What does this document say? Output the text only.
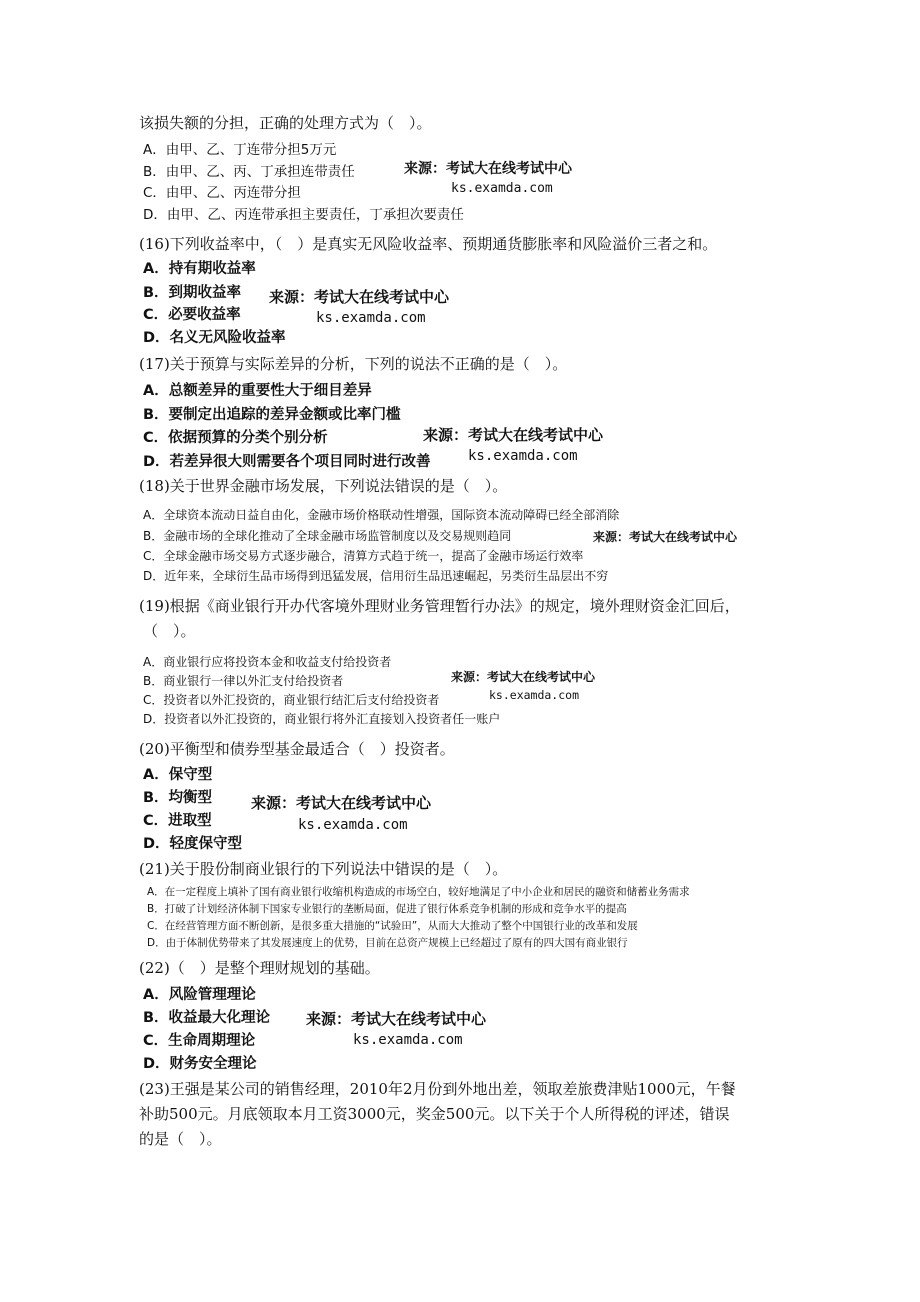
该损失额的分担，正确的处理方式为（　）。
A．由甲、乙、丁连带分担5万元
B．由甲、乙、丙、丁承担连带责任
C．由甲、乙、丙连带分担
D．由甲、乙、丙连带承担主要责任，丁承担次要责任
来源：考试大在线考试中心
ks.examda.com
(16)下列收益率中，（　）是真实无风险收益率、预期通货膨胀率和风险溢价三者之和。
A．持有期收益率
B．到期收益率
C．必要收益率
D．名义无风险收益率
来源：考试大在线考试中心
ks.examda.com
(17)关于预算与实际差异的分析，下列的说法不正确的是（　）。
A．总额差异的重要性大于细目差异
B．要制定出追踪的差异金额或比率门槛
C．依据预算的分类个别分析
D．若差异很大则需要各个项目同时进行改善
来源：考试大在线考试中心
ks.examda.com
(18)关于世界金融市场发展，下列说法错误的是（　）。
A．全球资本流动日益自由化，金融市场价格联动性增强，国际资本流动障碍已经全部消除
B．金融市场的全球化推动了全球金融市场监管制度以及交易规则趋同
C．全球金融市场交易方式逐步融合，清算方式趋于统一，提高了金融市场运行效率
D．近年来，全球衍生品市场得到迅猛发展，信用衍生品迅速崛起，另类衍生品层出不穷
来源：考试大在线考试中心
(19)根据《商业银行开办代客境外理财业务管理暂行办法》的规定，境外理财资金汇回后，
（　）。
A．商业银行应将投资本金和收益支付给投资者
B．商业银行一律以外汇支付给投资者
C．投资者以外汇投资的，商业银行结汇后支付给投资者
D．投资者以外汇投资的，商业银行将外汇直接划入投资者任一账户
来源：考试大在线考试中心
ks.examda.com
(20)平衡型和债券型基金最适合（　）投资者。
A．保守型
B．均衡型
C．进取型
D．轻度保守型
来源：考试大在线考试中心
ks.examda.com
(21)关于股份制商业银行的下列说法中错误的是（　）。
A．在一定程度上填补了国有商业银行收缩机构造成的市场空白，较好地满足了中小企业和居民的融资和储蓄业务需求
B．打破了计划经济体制下国家专业银行的垄断局面，促进了银行体系竞争机制的形成和竞争水平的提高
C．在经营管理方面不断创新，是很多重大措施的“试验田”，从而大大推动了整个中国银行业的改革和发展
D．由于体制优势带来了其发展速度上的优势，目前在总资产规模上已经超过了原有的四大国有商业银行
(22)（　）是整个理财规划的基础。
A．风险管理理论
B．收益最大化理论
C．生命周期理论
D．财务安全理论
来源：考试大在线考试中心
ks.examda.com
(23)王强是某公司的销售经理，2010年2月份到外地出差，领取差旅费津贴1000元，午餐
补助500元。月底领取本月工资3000元，奖金500元。以下关于个人所得税的评述，错误
的是（　）。
